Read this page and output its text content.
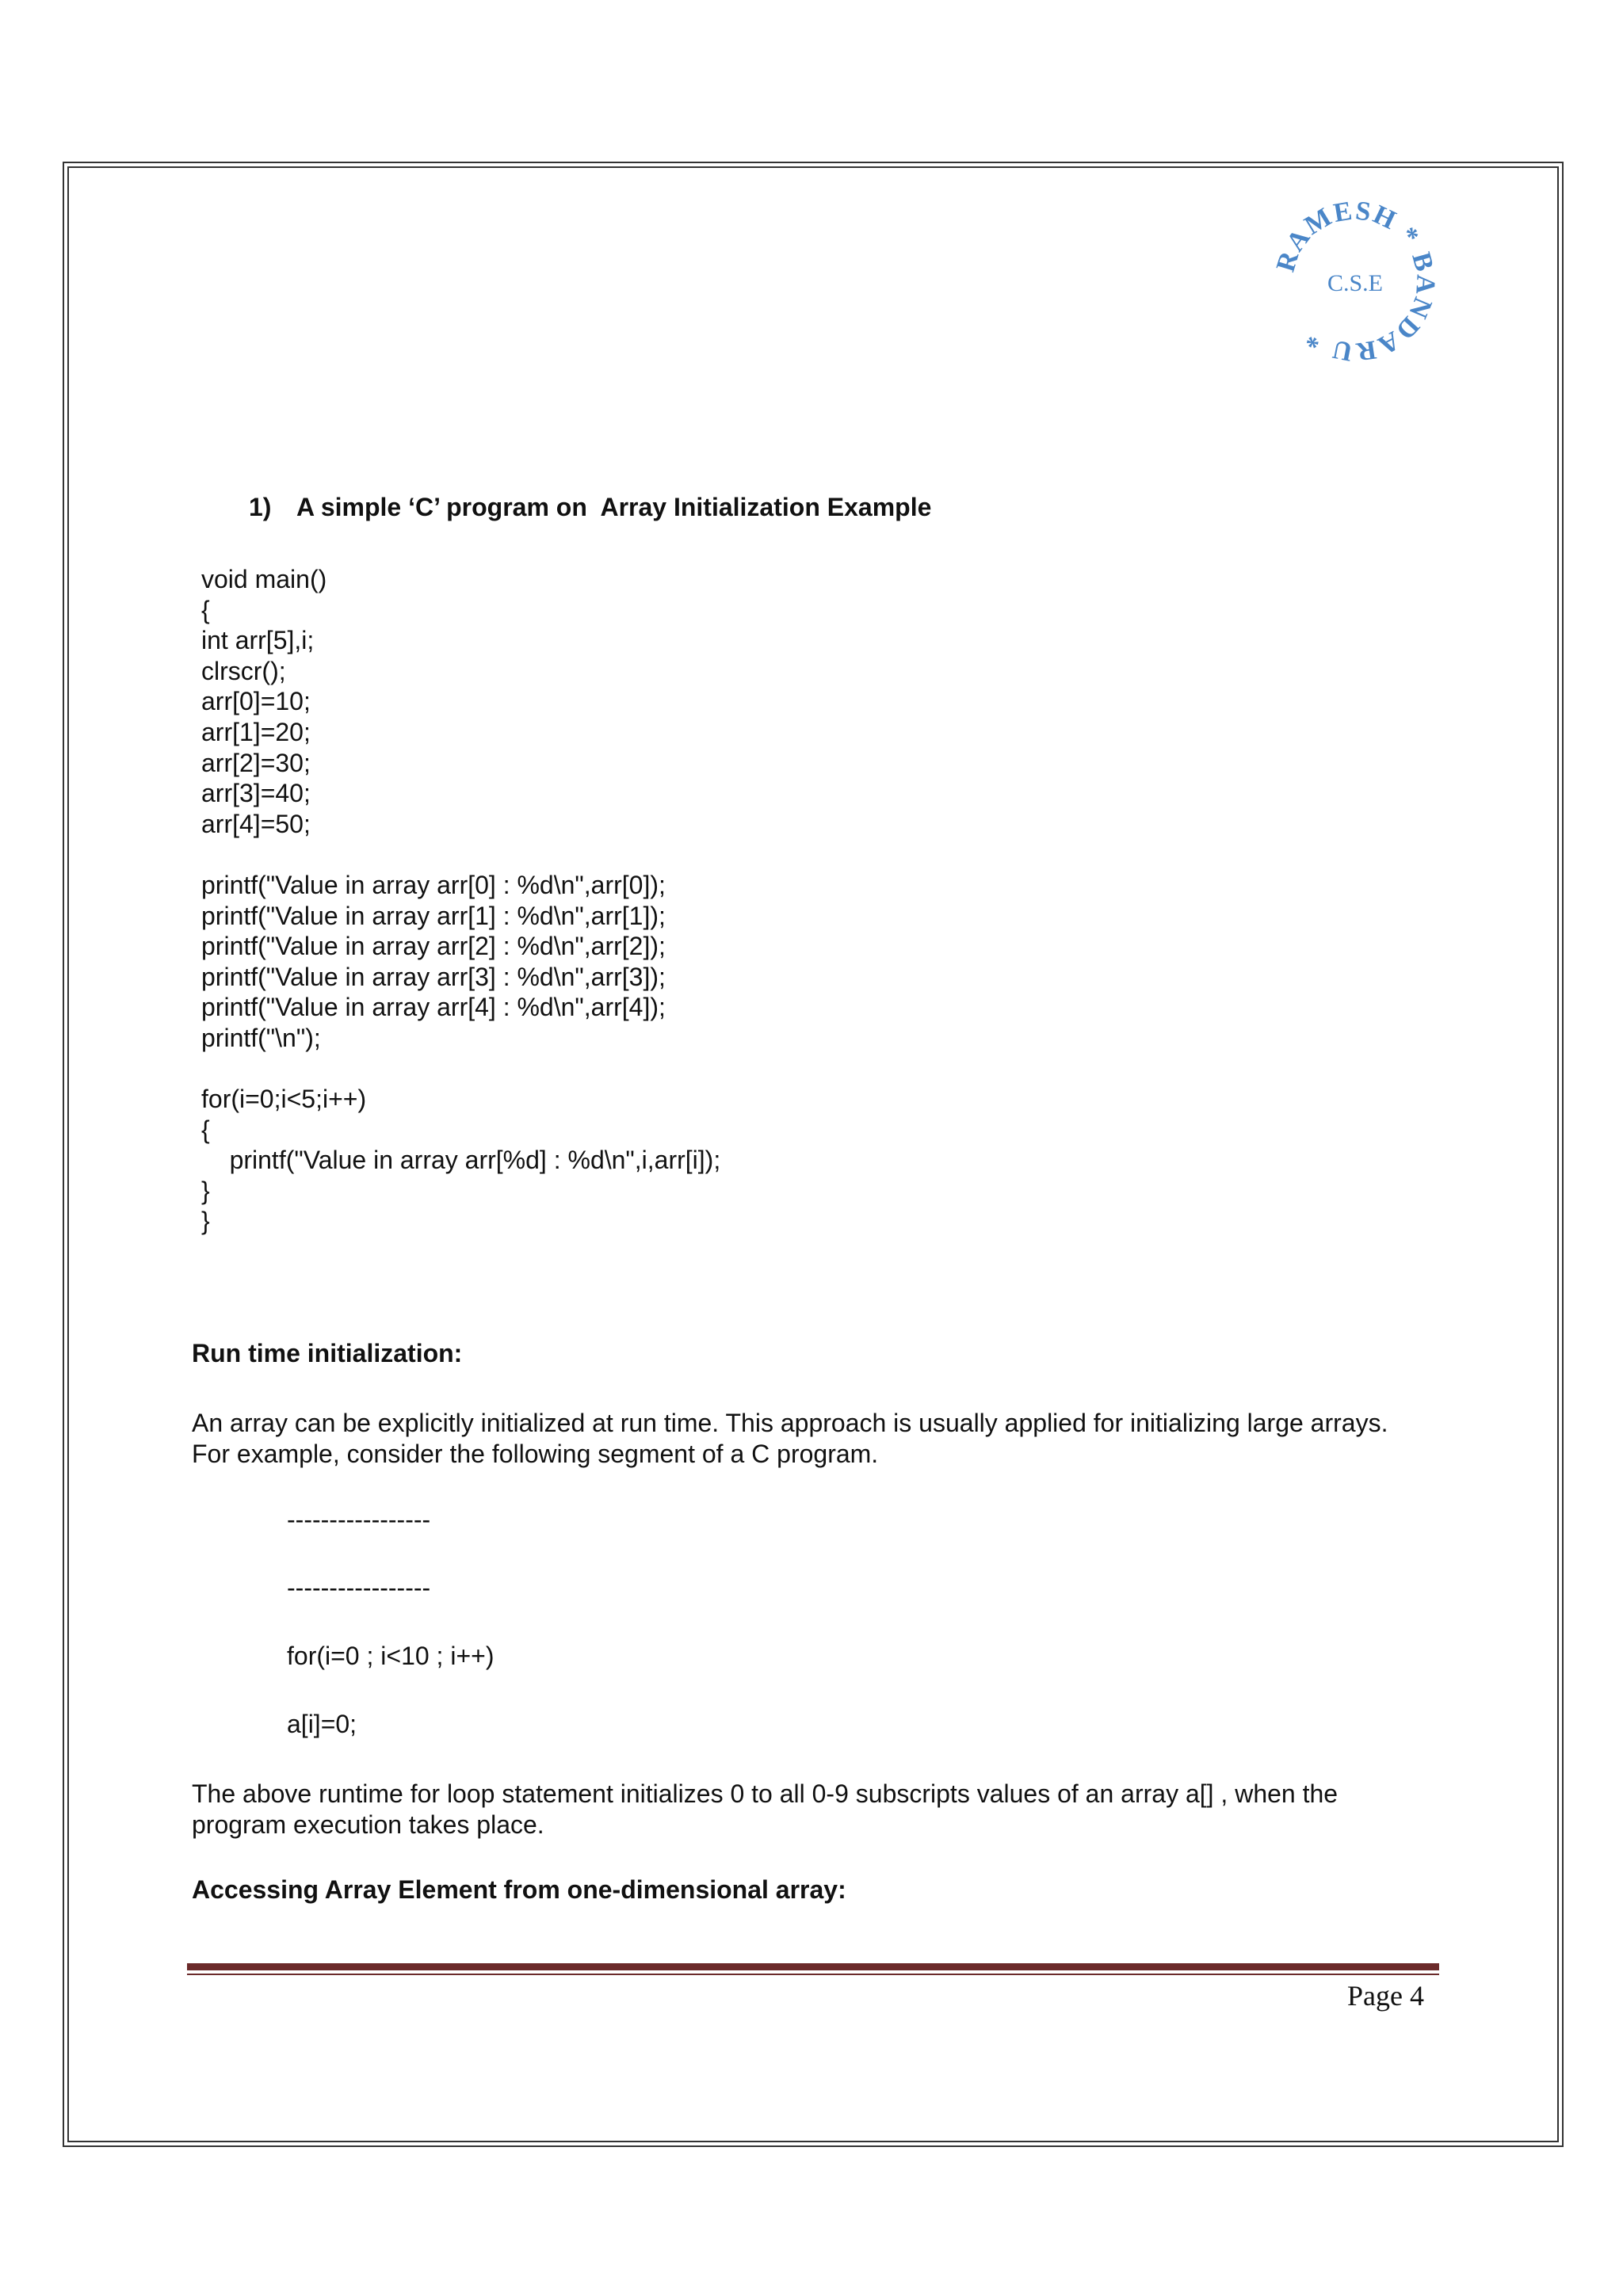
RAMESH * BANDARU *
C.S.E
1) A simple ‘C’ program on  Array Initialization Example
void main()
{
int arr[5],i;
clrscr();
arr[0]=10;
arr[1]=20;
arr[2]=30;
arr[3]=40;
arr[4]=50;
printf("Value in array arr[0] : %d\n",arr[0]);
printf("Value in array arr[1] : %d\n",arr[1]);
printf("Value in array arr[2] : %d\n",arr[2]);
printf("Value in array arr[3] : %d\n",arr[3]);
printf("Value in array arr[4] : %d\n",arr[4]);
printf("\n");
for(i=0;i<5;i++)
{
printf("Value in array arr[%d] : %d\n",i,arr[i]);
}
}
Run time initialization:
An array can be explicitly initialized at run time. This approach is usually applied for initializing large arrays. For example, consider the following segment of a C program.
-----------------
-----------------
for(i=0 ; i<10 ; i++)
a[i]=0;
The above runtime for loop statement initializes 0 to all 0-9 subscripts values of an array a[] , when the program execution takes place.
Accessing Array Element from one-dimensional array:
Page 4
